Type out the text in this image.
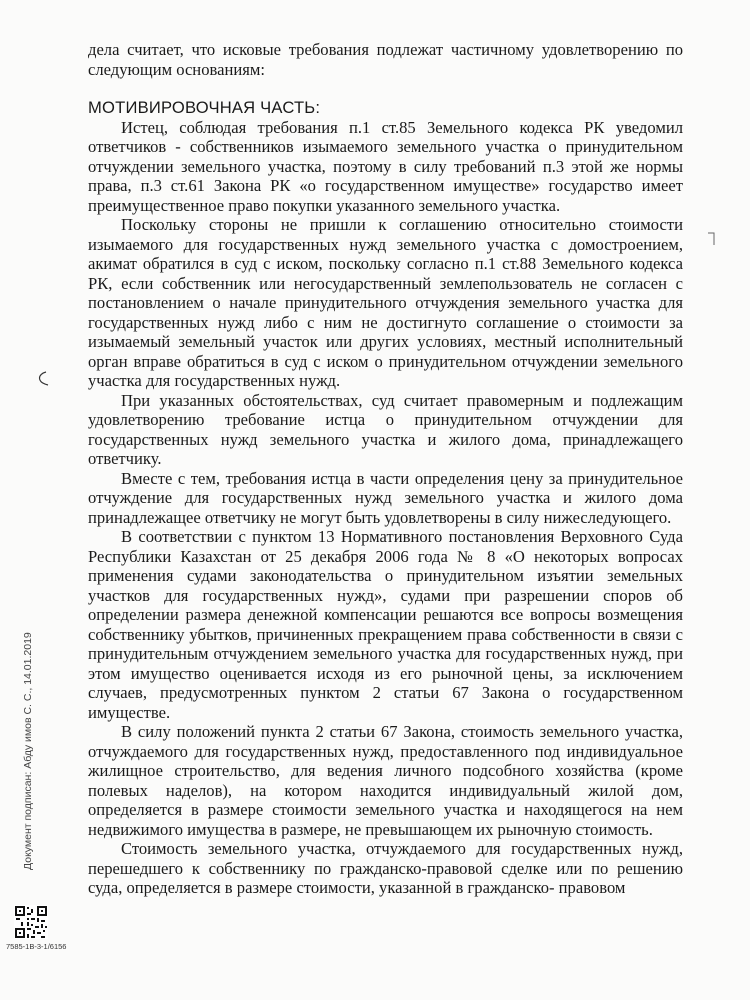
дела считает, что исковые требования подлежат частичному удовлетворению по следующим основаниям:

МОТИВИРОВОЧНАЯ ЧАСТЬ:

Истец, соблюдая требования п.1 ст.85 Земельного кодекса РК уведомил ответчиков - собственников изымаемого земельного участка о принудительном отчуждении земельного участка, поэтому в силу требований п.3 этой же нормы права, п.3 ст.61 Закона РК «о государственном имуществе» государство имеет преимущественное право покупки указанного земельного участка.

Поскольку стороны не пришли к соглашению относительно стоимости изымаемого для государственных нужд земельного участка с домостроением, акимат обратился в суд с иском, поскольку согласно п.1 ст.88 Земельного кодекса РК, если собственник или негосударственный землепользователь не согласен с постановлением о начале принудительного отчуждения земельного участка для государственных нужд либо с ним не достигнуто соглашение о стоимости за изымаемый земельный участок или других условиях, местный исполнительный орган вправе обратиться в суд с иском о принудительном отчуждении земельного участка для государственных нужд.

При указанных обстоятельствах, суд считает правомерным и подлежащим удовлетворению требование истца о принудительном отчуждении для государственных нужд земельного участка и жилого дома, принадлежащего ответчику.

Вместе с тем, требования истца в части определения цену за принудительное отчуждение для государственных нужд земельного участка и жилого дома принадлежащее ответчику не могут быть удовлетворены в силу нижеследующего.

В соответствии с пунктом 13 Нормативного постановления Верховного Суда Республики Казахстан от 25 декабря 2006 года № 8 «О некоторых вопросах применения судами законодательства о принудительном изъятии земельных участков для государственных нужд», судами при разрешении споров об определении размера денежной компенсации решаются все вопросы возмещения собственнику убытков, причиненных прекращением права собственности в связи с принудительным отчуждением земельного участка для государственных нужд, при этом имущество оценивается исходя из его рыночной цены, за исключением случаев, предусмотренных пунктом 2 статьи 67 Закона о государственном имуществе.

В силу положений пункта 2 статьи 67 Закона, стоимость земельного участка, отчуждаемого для государственных нужд, предоставленного под индивидуальное жилищное строительство, для ведения личного подсобного хозяйства (кроме полевых наделов), на котором находится индивидуальный жилой дом, определяется в размере стоимости земельного участка и находящегося на нем недвижимого имущества в размере, не превышающем их рыночную стоимость.

Стоимость земельного участка, отчуждаемого для государственных нужд, перешедшего к собственнику по гражданско-правовой сделке или по решению суда, определяется в размере стоимости, указанной в гражданско- правовом

Документ подписан: Абду имов С. С., 14.01.2019
7585-1В-3-1/6156
